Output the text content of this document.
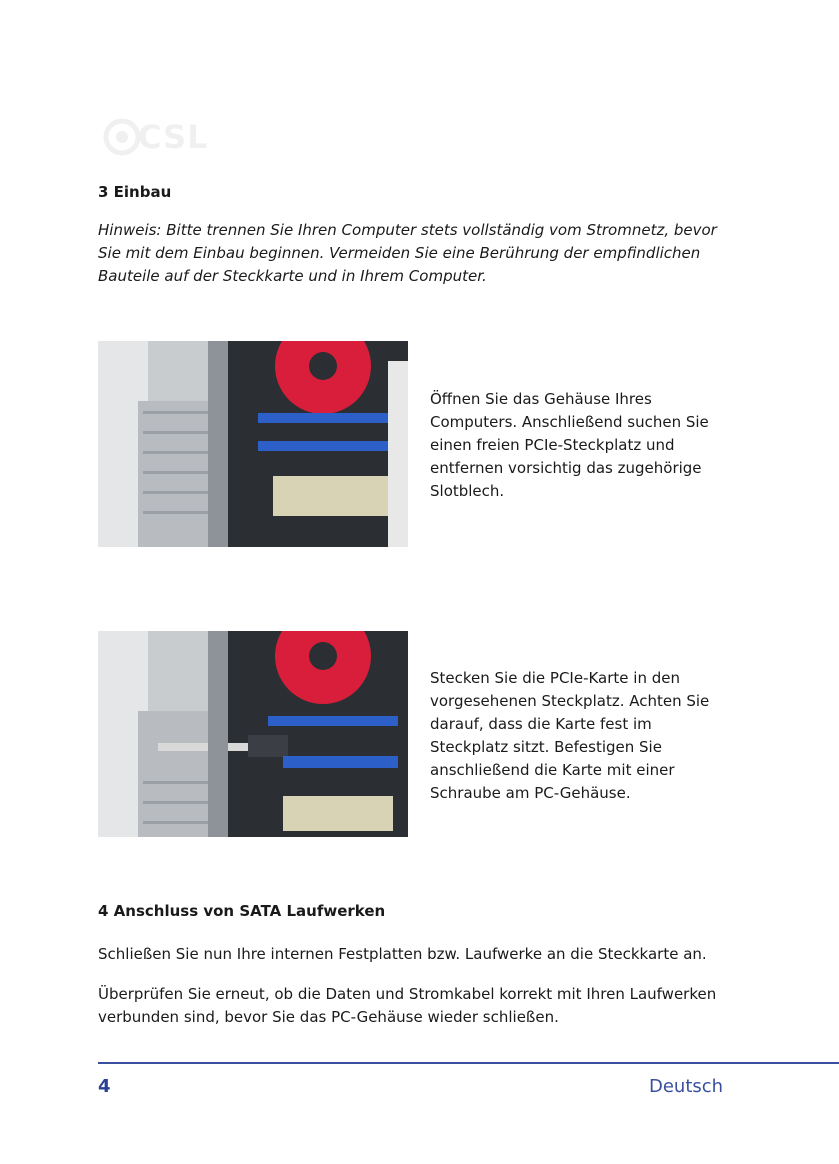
CSL
3 Einbau

Hinweis: Bitte trennen Sie Ihren Computer stets vollständig vom Stromnetz, bevor Sie mit dem Einbau beginnen. Vermeiden Sie eine Berührung der empfindlichen Bauteile auf der Steckkarte und in Ihrem Computer.

Öffnen Sie das Gehäuse Ihres Computers. Anschließend suchen Sie einen freien PCIe-Steckplatz und entfernen vorsichtig das zugehörige Slotblech.

Stecken Sie die PCIe-Karte in den vorgesehenen Steckplatz. Achten Sie darauf, dass die Karte fest im Steckplatz sitzt. Befestigen Sie anschließend die Karte mit einer Schraube am PC-Gehäuse.

4 Anschluss von SATA Laufwerken

Schließen Sie nun Ihre internen Festplatten bzw. Laufwerke an die Steckkarte an.

Überprüfen Sie erneut, ob die Daten und Stromkabel korrekt mit Ihren Laufwerken verbunden sind, bevor Sie das PC-Gehäuse wieder schließen.

4	Deutsch
